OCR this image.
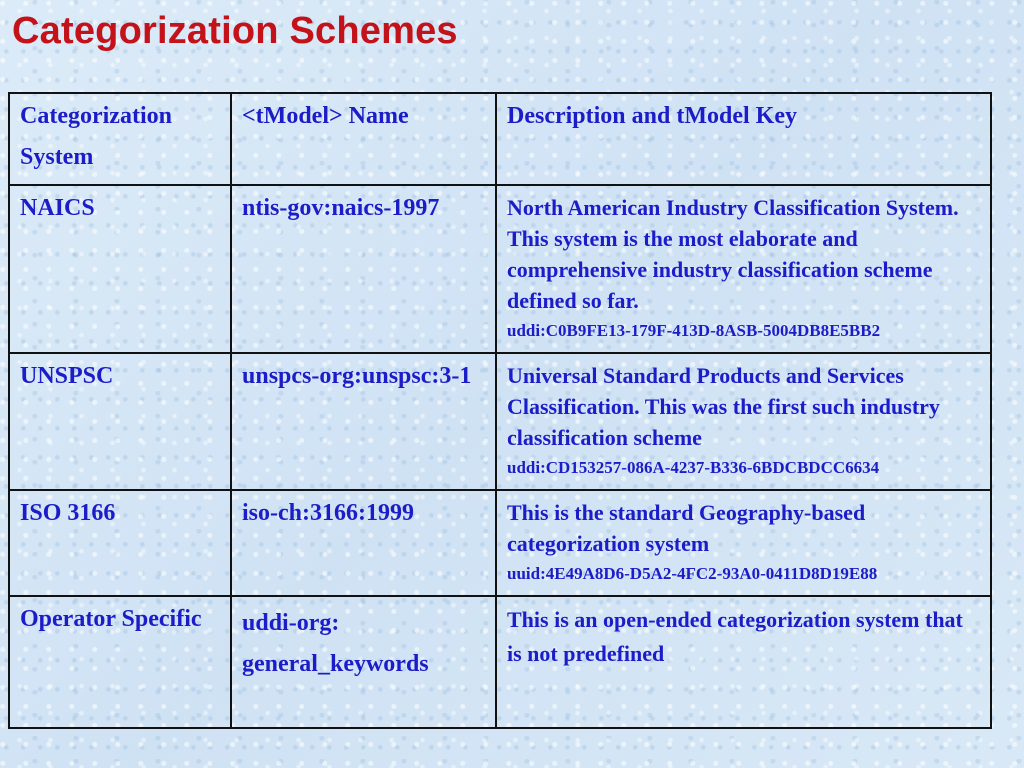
Categorization Schemes
Categorization System	<tModel> Name	Description and tModel Key
NAICS	ntis-gov:naics-1997	North American Industry Classification System. This system is the most elaborate and comprehensive industry classification scheme defined so far.
uddi:C0B9FE13-179F-413D-8ASB-5004DB8E5BB2

UNSPSC	unspcs-org:unspsc:3-1	Universal Standard Products and Services Classification. This was the first such industry classification scheme
uddi:CD153257-086A-4237-B336-6BDCBDCC6634

ISO 3166	iso-ch:3166:1999	This is the standard Geography-based categorization system
uuid:4E49A8D6-D5A2-4FC2-93A0-0411D8D19E88

Operator Specific	uddi-org: general_keywords	This is an open-ended categorization system that is not predefined
